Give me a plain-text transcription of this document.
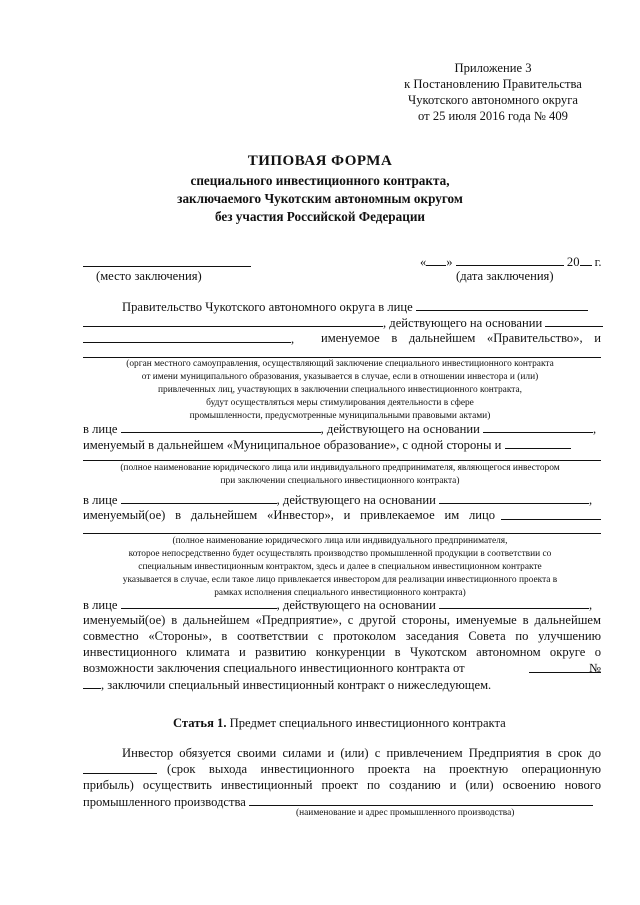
Приложение 3
к Постановлению Правительства
Чукотского автономного округа
от 25 июля 2016 года № 409
ТИПОВАЯ ФОРМА
специального инвестиционного контракта,
заключаемого Чукотским автономным округом
без участия Российской Федерации
« »	20 г.
(место заключения)	(дата заключения)
Правительство Чукотского автономного округа в лице
, действующего на основании
, именуемое в дальнейшем «Правительство», и
(орган местного самоуправления, осуществляющий заключение специального инвестиционного контракта
от имени муниципального образования, указывается в случае, если в отношении инвестора и (или)
привлеченных лиц, участвующих в заключении специального инвестиционного контракта,
будут осуществляться меры стимулирования деятельности в сфере
промышленности, предусмотренные муниципальными правовыми актами)
в лице	, действующего на основании	,
именуемый в дальнейшем «Муниципальное образование», с одной стороны и
(полное наименование юридического лица или индивидуального предпринимателя, являющегося инвестором
при заключении специального инвестиционного контракта)
в лице	, действующего на основании	,
именуемый(ое) в дальнейшем «Инвестор», и привлекаемое им лицо
(полное наименование юридического лица или индивидуального предпринимателя,
которое непосредственно будет осуществлять производство промышленной продукции в соответствии со
специальным инвестиционным контрактом, здесь и далее в специальном инвестиционном контракте
указывается в случае, если такое лицо привлекается инвестором для реализации инвестиционного проекта в
рамках исполнения специального инвестиционного контракта)
в лице	, действующего на основании	,
именуемый(ое) в дальнейшем «Предприятие», с другой стороны, именуемые в дальнейшем
совместно «Стороны», в соответствии с протоколом заседания Совета по улучшению
инвестиционного климата и развитию конкуренции в Чукотском автономном округе о
возможности заключения специального инвестиционного контракта от	№
, заключили специальный инвестиционный контракт о нижеследующем.
Статья 1. Предмет специального инвестиционного контракта
Инвестор обязуется своими силами и (или) с привлечением Предприятия в срок до
(срок выхода инвестиционного проекта на проектную операционную
прибыль) осуществить инвестиционный проект по созданию и (или) освоению нового
промышленного производства
(наименование и адрес промышленного производства)
